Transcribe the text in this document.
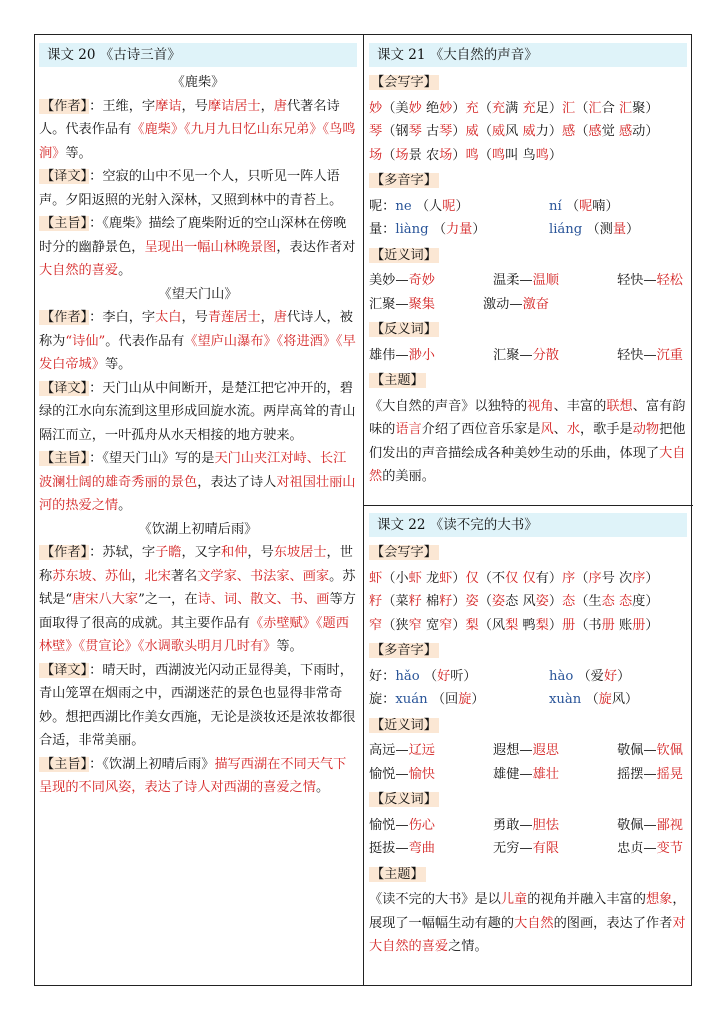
课文 20 《古诗三首》
《鹿柴》

【作者】 ：王维，字摩诘，号摩诘居士，唐代著名诗人。代表作品有《鹿柴》《九月九日忆山东兄弟》《鸟鸣涧》等。

【译文】 ：空寂的山中不见一个人，只听见一阵人语声。夕阳返照的光射入深林，又照到林中的青苔上。

【主旨】 ：《鹿柴》描绘了鹿柴附近的空山深林在傍晚时分的幽静景色，呈现出一幅山林晚景图，表达作者对大自然的喜爱。

《望天门山》

【作者】 ：李白，字太白，号青莲居士，唐代诗人，被称为“诗仙”。代表作品有《望庐山瀑布》《将进酒》《早发白帝城》等。

【译文】 ：天门山从中间断开，是楚江把它冲开的，碧绿的江水向东流到这里形成回旋水流。两岸高耸的青山隔江而立，一叶孤舟从水天相接的地方驶来。

【主旨】 ：《望天门山》写的是天门山夹江对峙、长江波澜壮阔的雄奇秀丽的景色，表达了诗人对祖国壮丽山河的热爱之情。

《饮湖上初晴后雨》

【作者】 ：苏轼，字子瞻，又字和仲，号东坡居士，世称苏东坡、苏仙，北宋著名文学家、书法家、画家。苏轼是“唐宋八大家”之一，在诗、词、散文、书、画等方面取得了很高的成就。其主要作品有《赤壁赋》《题西林壁》《贯宣论》《水调歌头明月几时有》等。

【译文】 ：晴天时，西湖波光闪动正显得美，下雨时，青山笼罩在烟雨之中，西湖迷茫的景色也显得非常奇妙。想把西湖比作美女西施，无论是淡妆还是浓妆都很合适，非常美丽。

【主旨】 ：《饮湖上初晴后雨》描写西湖在不同天气下呈现的不同风姿，表达了诗人对西湖的喜爱之情。

课文 21 《大自然的声音》
【会写字】
妙（美妙 绝妙）充（充满 充足）汇（汇合 汇聚）
琴（钢琴 古琴）威（威风 威力）感（感觉 感动）
场（场景 农场）鸣（鸣叫 鸟鸣）
【多音字】
呢：ne （人呢）	ní （呢喃）
量：liàng （力量）	liáng （测量）
【近义词】
美妙—奇妙	温柔—温顺	轻快—轻松
汇聚—聚集	激动—激奋
【反义词】
雄伟—渺小	汇聚—分散	轻快—沉重
【主题】

《大自然的声音》以独特的视角、丰富的联想、富有韵味的语言介绍了西位音乐家是风、水，歌手是动物把他们发出的声音描绘成各种美妙生动的乐曲，体现了大自然的美丽。

课文 22 《读不完的大书》
【会写字】
虾（小虾 龙虾）仅（不仅 仅有）序（序号 次序）
籽（菜籽 棉籽）姿（姿态 风姿）态（生态 态度）
窄（狭窄 宽窄）梨（风梨 鸭梨）册（书册 账册）
【多音字】
好：hǎo （好听）	hào （爱好）
旋：xuán （回旋）	xuàn （旋风）
【近义词】
高远—辽远	遐想—遐思	敬佩—钦佩
愉悦—愉快	雄健—雄壮	摇摆—摇晃
【反义词】
愉悦—伤心	勇敢—胆怯	敬佩—鄙视
挺拔—弯曲	无穷—有限	忠贞—变节
【主题】

《读不完的大书》是以儿童的视角并融入丰富的想象，展现了一幅幅生动有趣的大自然的图画，表达了作者对大自然的喜爱之情。
